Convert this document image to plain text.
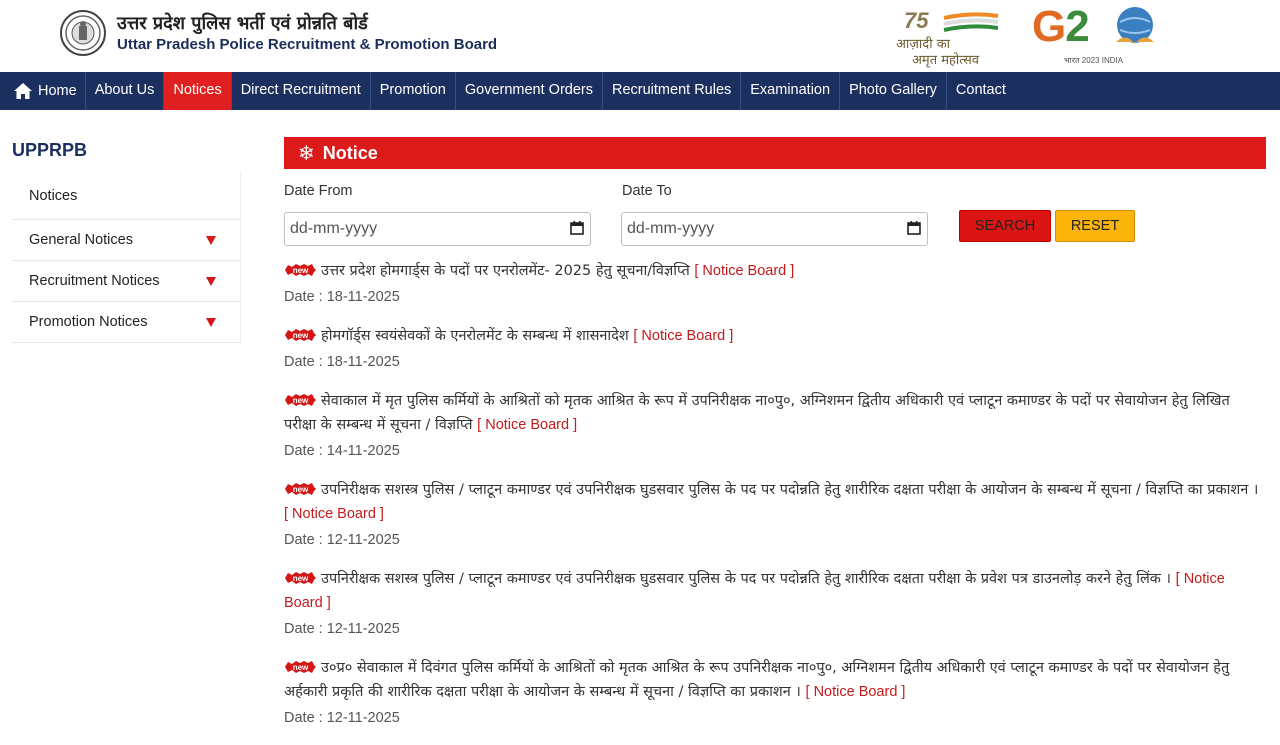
उत्तर प्रदेश पुलिस भर्ती एवं प्रोन्नति बोर्ड
Uttar Pradesh Police Recruitment & Promotion Board
75
आज़ादी का
अमृत महोत्सव
G2
भारत 2023 INDIA
Home	About Us	Notices	Direct Recruitment	Promotion	Government Orders	Recruitment Rules	Examination	Photo Gallery	Contact
UPPRPB
Notices
General Notices
Recruitment Notices
Promotion Notices
❄ Notice
Date From	Date To
dd-mm-yyyy	dd-mm-yyyy	SEARCH	RESET
new उत्तर प्रदेश होमगार्ड्स के पदों पर एनरोलमेंट- 2025 हेतु सूचना/विज्ञप्ति [ Notice Board ]
Date : 18-11-2025
new होमगॉर्ड्स स्वयंसेवकों के एनरोलमेंट के सम्बन्ध में शासनादेश [ Notice Board ]
Date : 18-11-2025
new सेवाकाल में मृत पुलिस कर्मियों के आश्रितों को मृतक आश्रित के रूप में उपनिरीक्षक ना०पु०, अग्निशमन द्वितीय अधिकारी एवं प्लाटून कमाण्डर के पदों पर सेवायोजन हेतु लिखित परीक्षा के सम्बन्ध में सूचना / विज्ञप्ति [ Notice Board ]
Date : 14-11-2025
new उपनिरीक्षक सशस्त्र पुलिस / प्लाटून कमाण्डर एवं उपनिरीक्षक घुडसवार पुलिस के पद पर पदोन्नति हेतु शारीरिक दक्षता परीक्षा के आयोजन के सम्बन्ध में सूचना / विज्ञप्ति का प्रकाशन । [ Notice Board ]
Date : 12-11-2025
new उपनिरीक्षक सशस्त्र पुलिस / प्लाटून कमाण्डर एवं उपनिरीक्षक घुडसवार पुलिस के पद पर पदोन्नति हेतु शारीरिक दक्षता परीक्षा के प्रवेश पत्र डाउनलोड़ करने हेतु लिंक । [ Notice Board ]
Date : 12-11-2025
new उ०प्र० सेवाकाल में दिवंगत पुलिस कर्मियों के आश्रितों को मृतक आश्रित के रूप उपनिरीक्षक ना०पु०, अग्निशमन द्वितीय अधिकारी एवं प्लाटून कमाण्डर के पदों पर सेवायोजन हेतु अर्हकारी प्रकृति की शारीरिक दक्षता परीक्षा के आयोजन के सम्बन्ध में सूचना / विज्ञप्ति का प्रकाशन । [ Notice Board ]
Date : 12-11-2025
